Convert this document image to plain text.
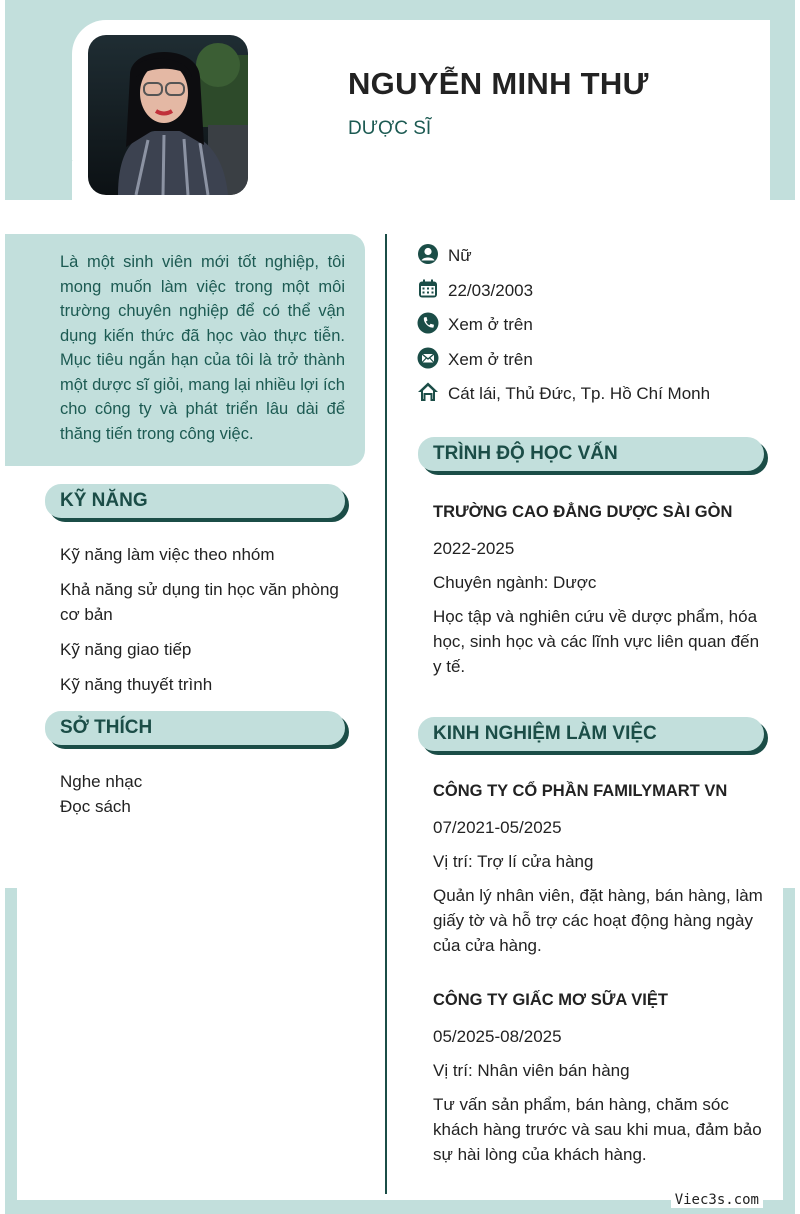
NGUYỄN MINH THƯ

DƯỢC SĨ

Là một sinh viên mới tốt nghiệp, tôi mong muốn làm việc trong một môi trường chuyên nghiệp để có thể vận dụng kiến thức đã học vào thực tiễn. Mục tiêu ngắn hạn của tôi là trở thành một dược sĩ giỏi, mang lại nhiều lợi ích cho công ty và phát triển lâu dài để thăng tiến trong công việc.

KỸ NĂNG
Kỹ năng làm việc theo nhóm
Khả năng sử dụng tin học văn phòng cơ bản
Kỹ năng giao tiếp
Kỹ năng thuyết trình
SỞ THÍCH
Nghe nhạc
Đọc sách
Nữ
22/03/2003
Xem ở trên
Xem ở trên
Cát lái, Thủ Đức, Tp. Hồ Chí Monh
TRÌNH ĐỘ HỌC VẤN

TRƯỜNG CAO ĐẲNG DƯỢC SÀI GÒN

2022-2025

Chuyên ngành: Dược

Học tập và nghiên cứu về dược phẩm, hóa học, sinh học và các lĩnh vực liên quan đến y tế.

KINH NGHIỆM LÀM VIỆC

CÔNG TY CỔ PHẦN FAMILYMART VN

07/2021-05/2025

Vị trí: Trợ lí cửa hàng

Quản lý nhân viên, đặt hàng, bán hàng, làm giấy tờ và hỗ trợ các hoạt động hàng ngày của cửa hàng.

CÔNG TY GIẤC MƠ SỮA VIỆT

05/2025-08/2025

Vị trí: Nhân viên bán hàng

Tư vấn sản phẩm, bán hàng, chăm sóc khách hàng trước và sau khi mua, đảm bảo sự hài lòng của khách hàng.

Viec3s.com
